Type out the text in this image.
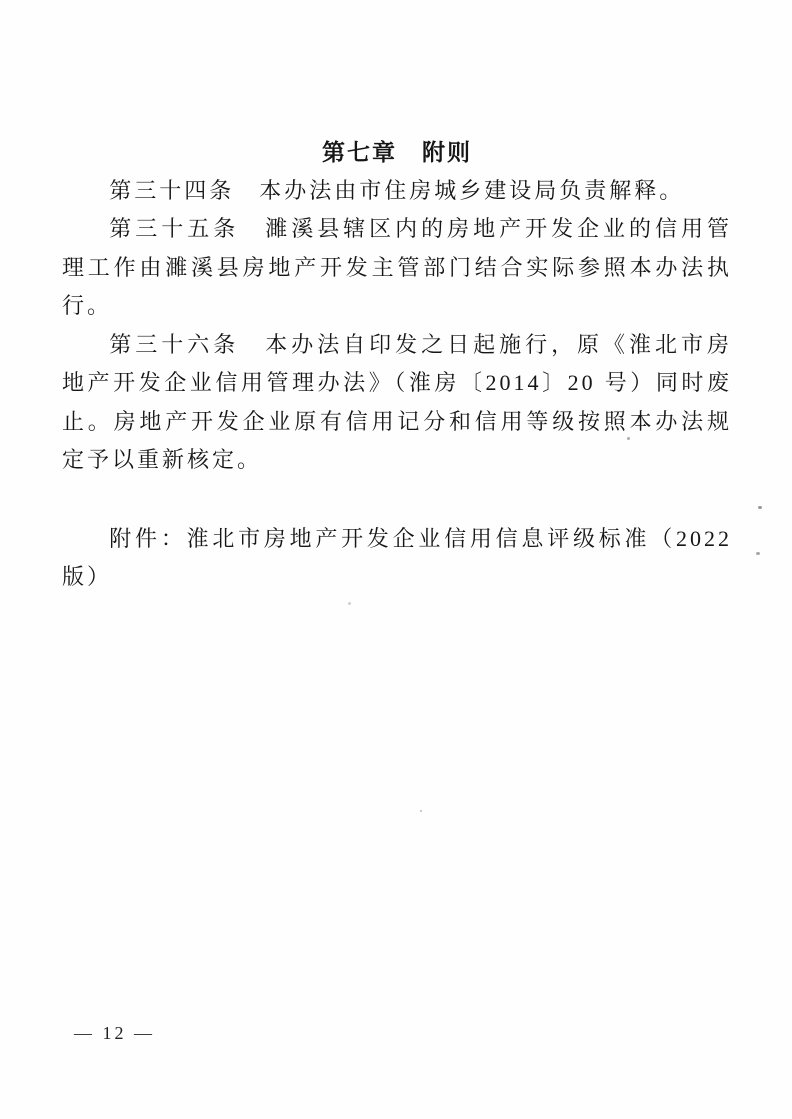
第七章　附则

第三十四条　本办法由市住房城乡建设局负责解释。

第三十五条　濉溪县辖区内的房地产开发企业的信用管理工作由濉溪县房地产开发主管部门结合实际参照本办法执行。

第三十六条　本办法自印发之日起施行，原《淮北市房地产开发企业信用管理办法》（淮房〔2014〕20 号）同时废止。房地产开发企业原有信用记分和信用等级按照本办法规定予以重新核定。

附件：淮北市房地产开发企业信用信息评级标准（2022 版）

— 12 —
